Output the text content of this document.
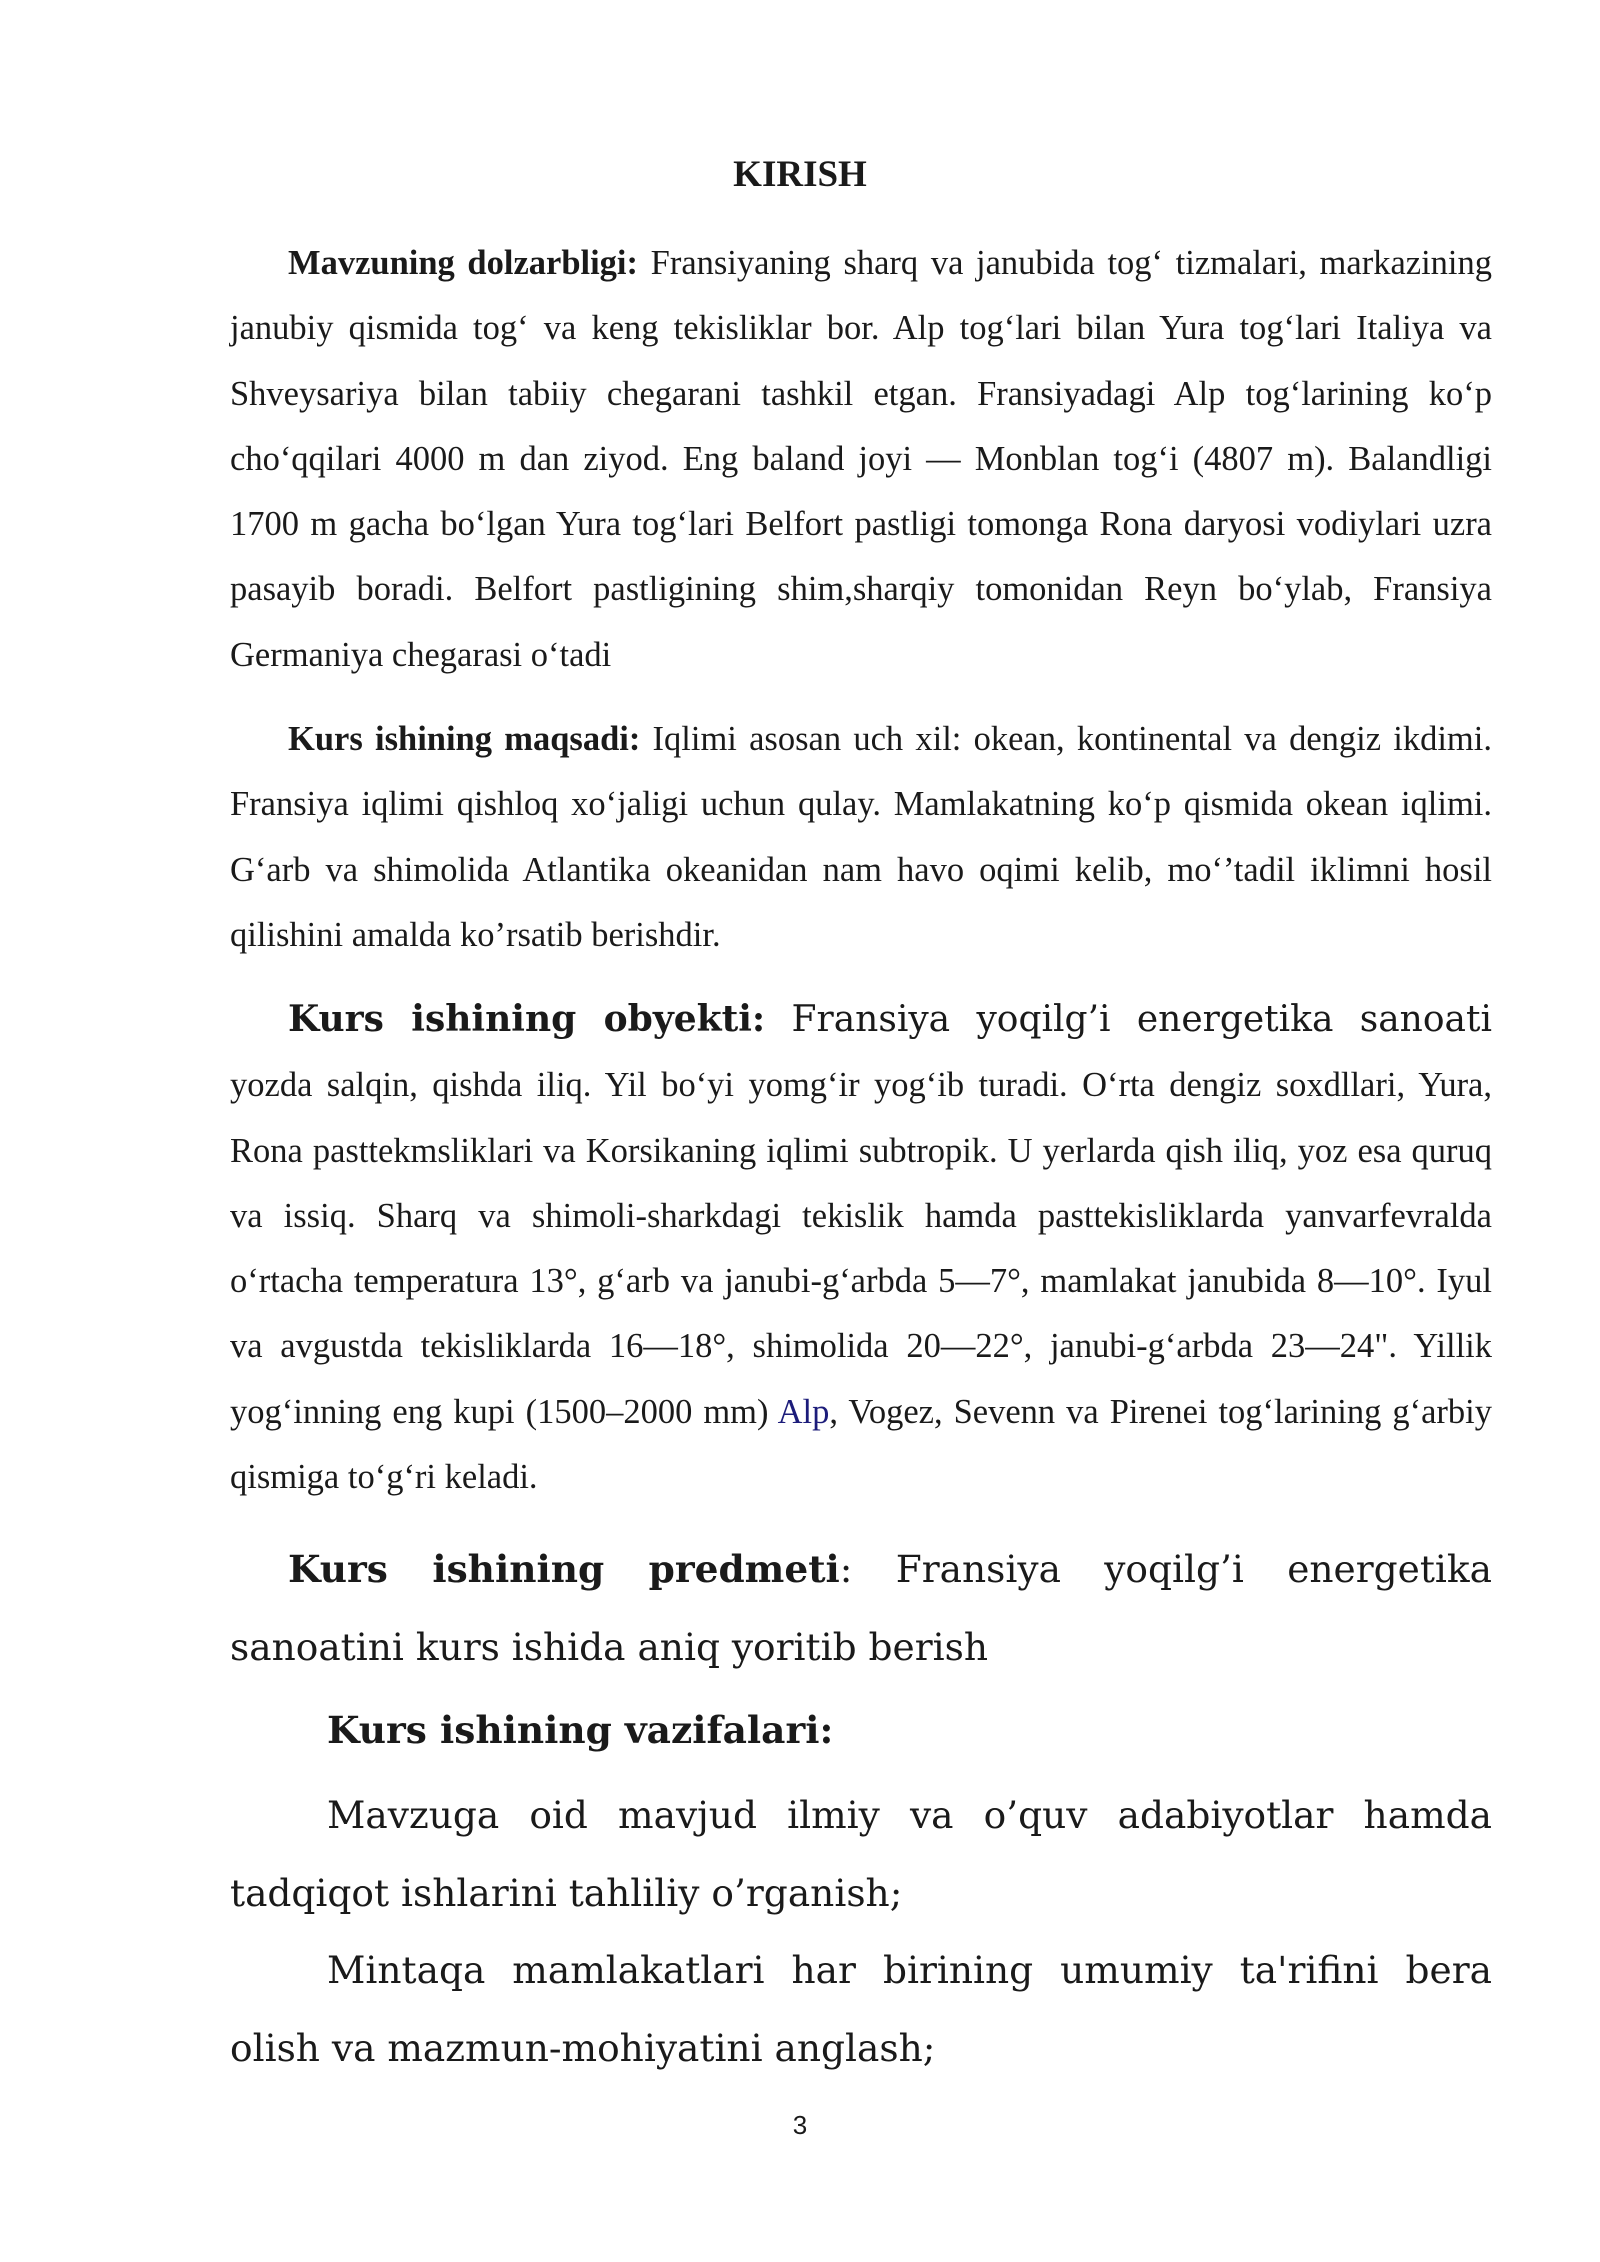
KIRISH

Mavzuning dolzarbligi: Fransiyaning sharq va janubida tog‘ tizmalari, markazining janubiy qismida tog‘ va keng tekisliklar bor. Alp tog‘lari bilan Yura tog‘lari Italiya va Shveysariya bilan tabiiy chegarani tashkil etgan. Fransiyadagi Alp tog‘larining ko‘p cho‘qqilari 4000 m dan ziyod. Eng baland joyi — Monblan tog‘i (4807 m). Balandligi 1700 m gacha bo‘lgan Yura tog‘lari Belfort pastligi tomonga Rona daryosi vodiylari uzra pasayib boradi. Belfort pastligining shim,sharqiy tomonidan Reyn bo‘ylab, Fransiya Germaniya chegarasi o‘tadi

Kurs ishining maqsadi: Iqlimi asosan uch xil: okean, kontinental va dengiz ikdimi. Fransiya iqlimi qishloq xo‘jaligi uchun qulay. Mamlakatning ko‘p qismida okean iqlimi. G‘arb va shimolida Atlantika okeanidan nam havo oqimi kelib, mo‘’tadil iklimni hosil qilishini amalda ko’rsatib berishdir.

Kurs ishining obyekti: Fransiya yoqilg’i energetika sanoati yozda salqin, qishda iliq. Yil bo‘yi yomg‘ir yog‘ib turadi. O‘rta dengiz soxdllari, Yura, Rona pasttekmsliklari va Korsikaning iqlimi subtropik. U yerlarda qish iliq, yoz esa quruq va issiq. Sharq va shimoli-sharkdagi tekislik hamda pasttekisliklarda yanvarfevralda o‘rtacha temperatura 13°, g‘arb va janubi-g‘arbda 5—7°, mamlakat janubida 8—10°. Iyul va avgustda tekisliklarda 16—18°, shimolida 20—22°, janubi-g‘arbda 23—24". Yillik yog‘inning eng kupi (1500–2000 mm) Alp, Vogez, Sevenn va Pirenei tog‘larining g‘arbiy qismiga to‘g‘ri keladi.

Kurs ishining predmeti: Fransiya yoqilg’i energetika sanoatini kurs ishida aniq yoritib berish

Kurs ishining vazifalari:

Mavzuga oid mavjud ilmiy va o’quv adabiyotlar hamda tadqiqot ishlarini tahliliy o’rganish;

Mintaqa mamlakatlari har birining umumiy ta'rifini bera olish va mazmun-mohiyatini anglash;

3
